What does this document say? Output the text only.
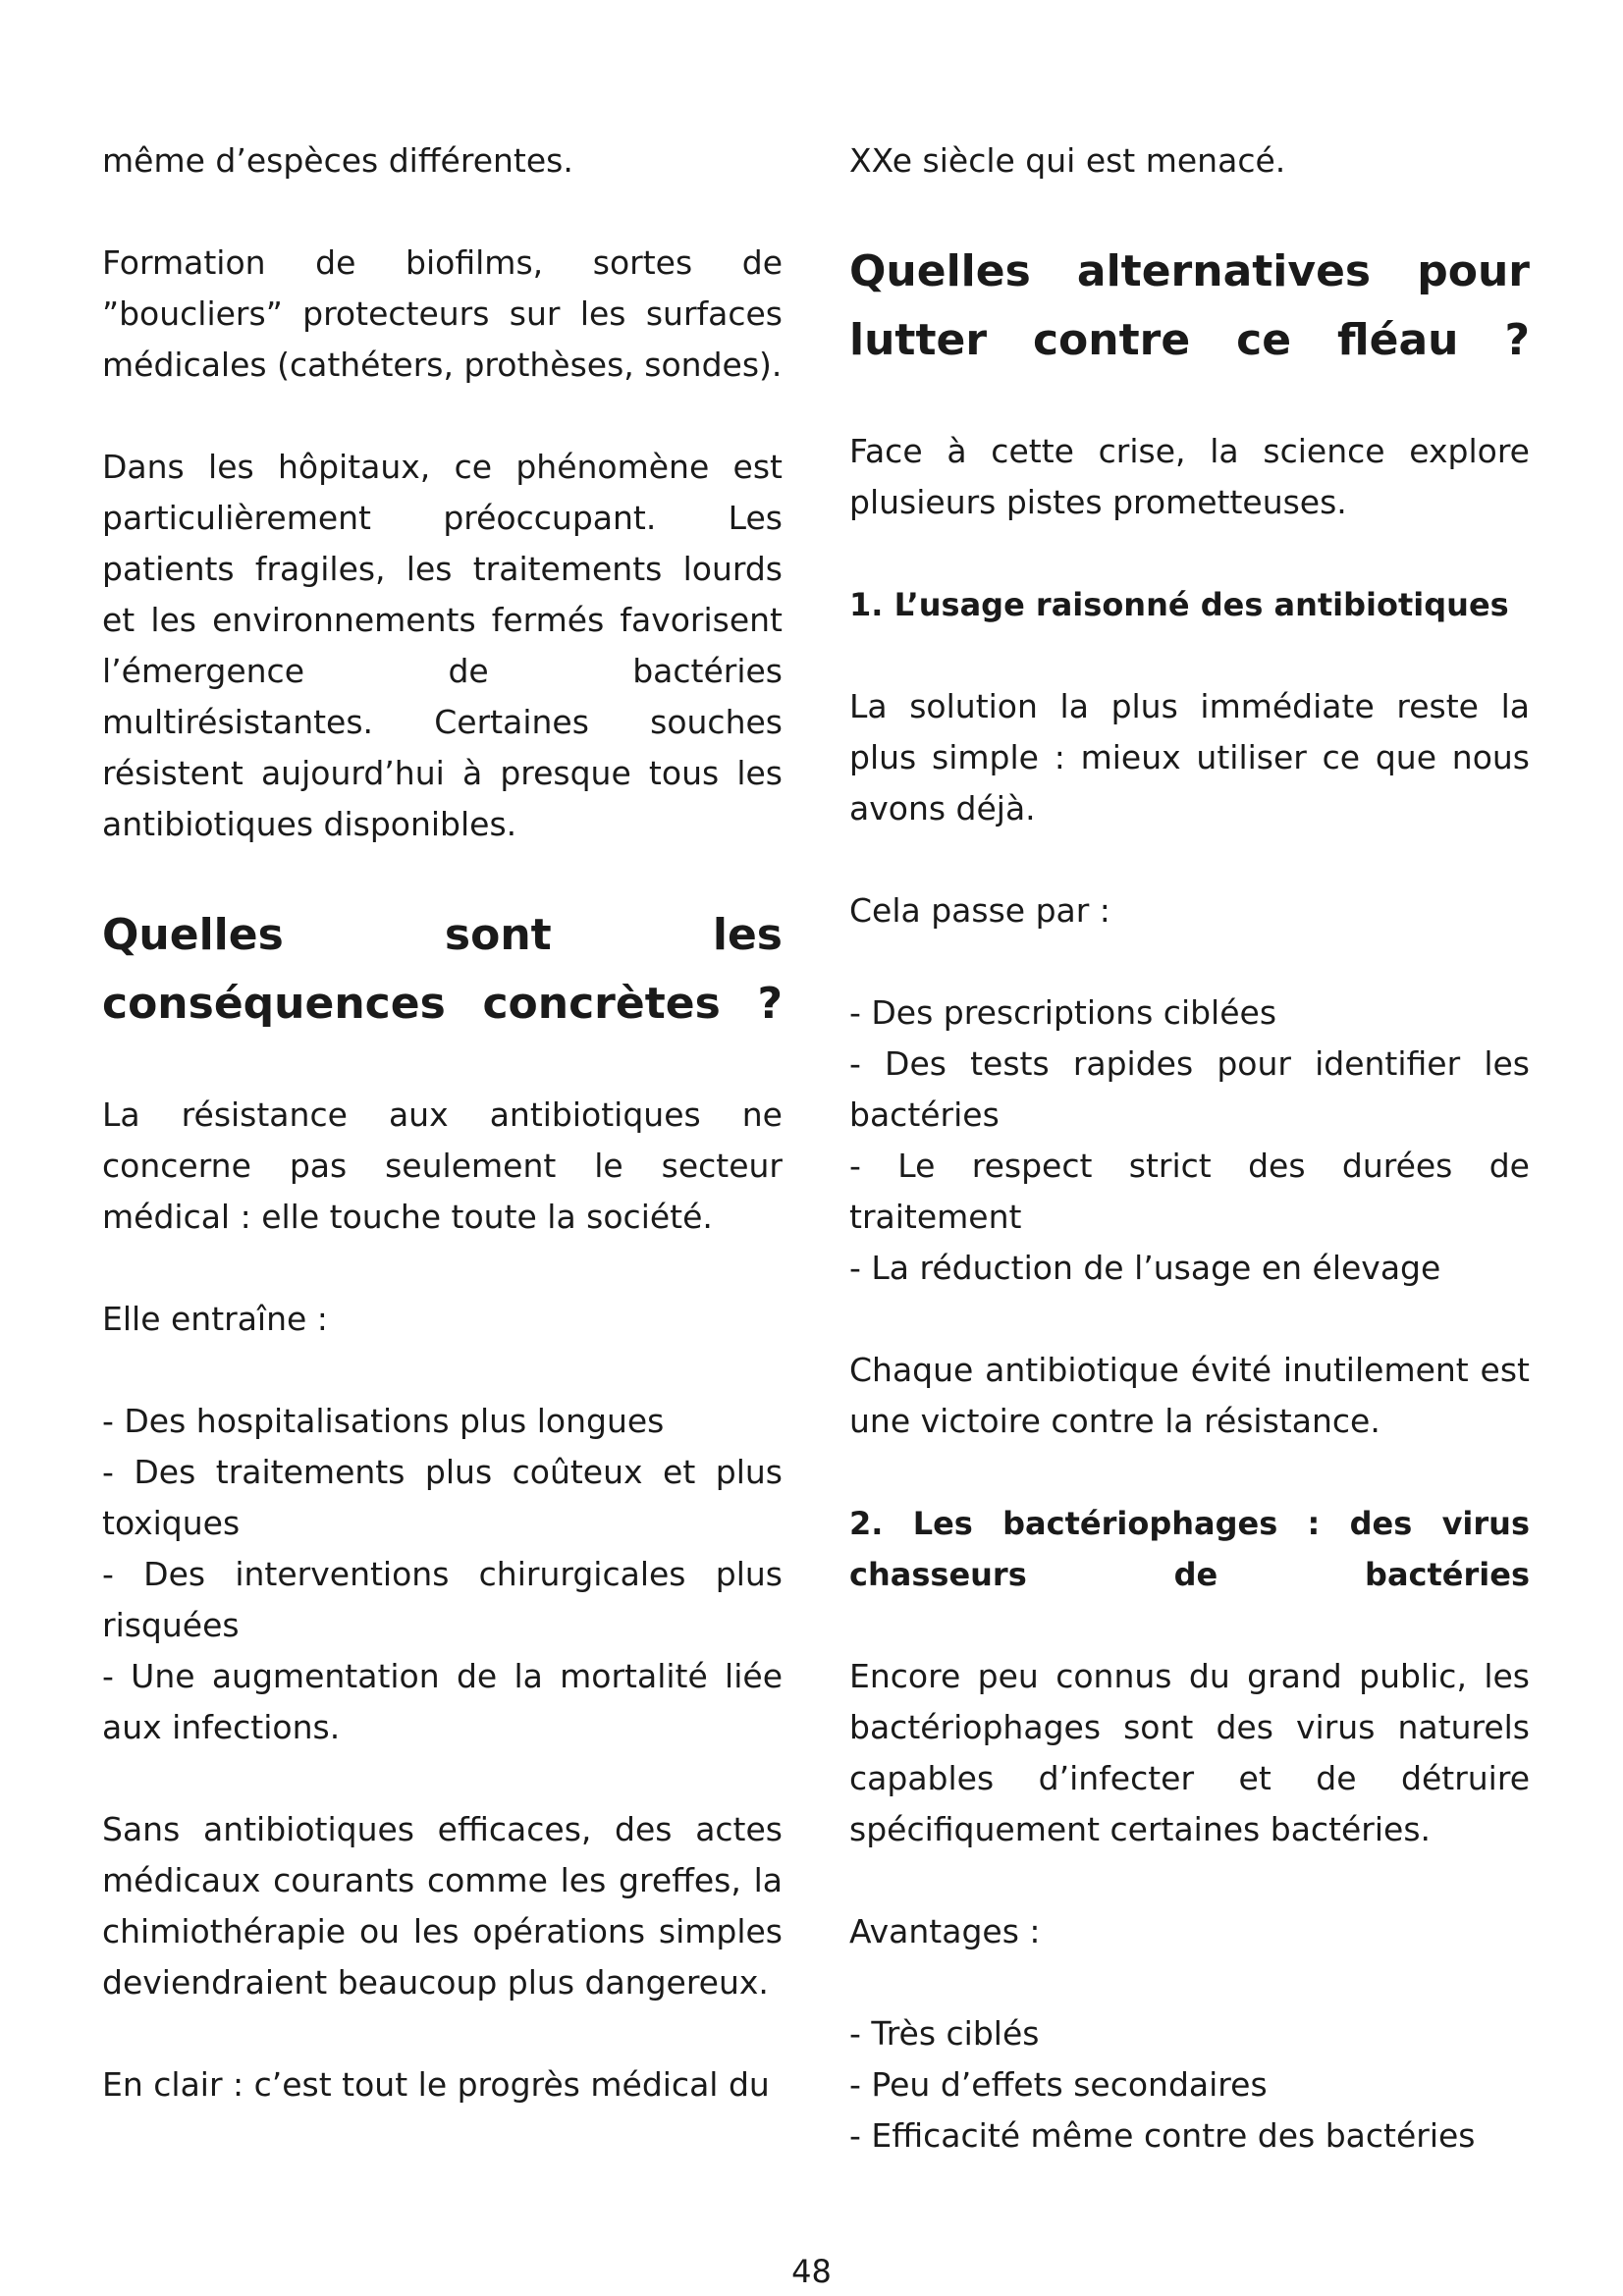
même d’espèces différentes.

Formation de biofilms, sortes de ”boucliers” protecteurs sur les surfaces médicales (cathéters, prothèses, sondes).

Dans les hôpitaux, ce phénomène est particulièrement préoccupant. Les patients fragiles, les traitements lourds et les environnements fermés favorisent l’émergence de bactéries multirésistantes. Certaines souches résistent aujourd’hui à presque tous les antibiotiques disponibles.

Quelles sont les conséquences concrètes ?

La résistance aux antibiotiques ne concerne pas seulement le secteur médical : elle touche toute la société.

Elle entraîne :

- Des hospitalisations plus longues
- Des traitements plus coûteux et plus toxiques
- Des interventions chirurgicales plus risquées
- Une augmentation de la mortalité liée aux infections.

Sans antibiotiques efficaces, des actes médicaux courants comme les greffes, la chimiothérapie ou les opérations simples deviendraient beaucoup plus dangereux.

En clair : c’est tout le progrès médical du

XXe siècle qui est menacé.

Quelles alternatives pour lutter contre ce fléau ?

Face à cette crise, la science explore plusieurs pistes prometteuses.

1. L’usage raisonné des antibiotiques

La solution la plus immédiate reste la plus simple : mieux utiliser ce que nous avons déjà.

Cela passe par :

- Des prescriptions ciblées
- Des tests rapides pour identifier les bactéries
- Le respect strict des durées de traitement
- La réduction de l’usage en élevage

Chaque antibiotique évité inutilement est une victoire contre la résistance.

2. Les bactériophages : des virus chasseurs de bactéries

Encore peu connus du grand public, les bactériophages sont des virus naturels capables d’infecter et de détruire spécifiquement certaines bactéries.

Avantages :

- Très ciblés
- Peu d’effets secondaires
- Efficacité même contre des bactéries
48
